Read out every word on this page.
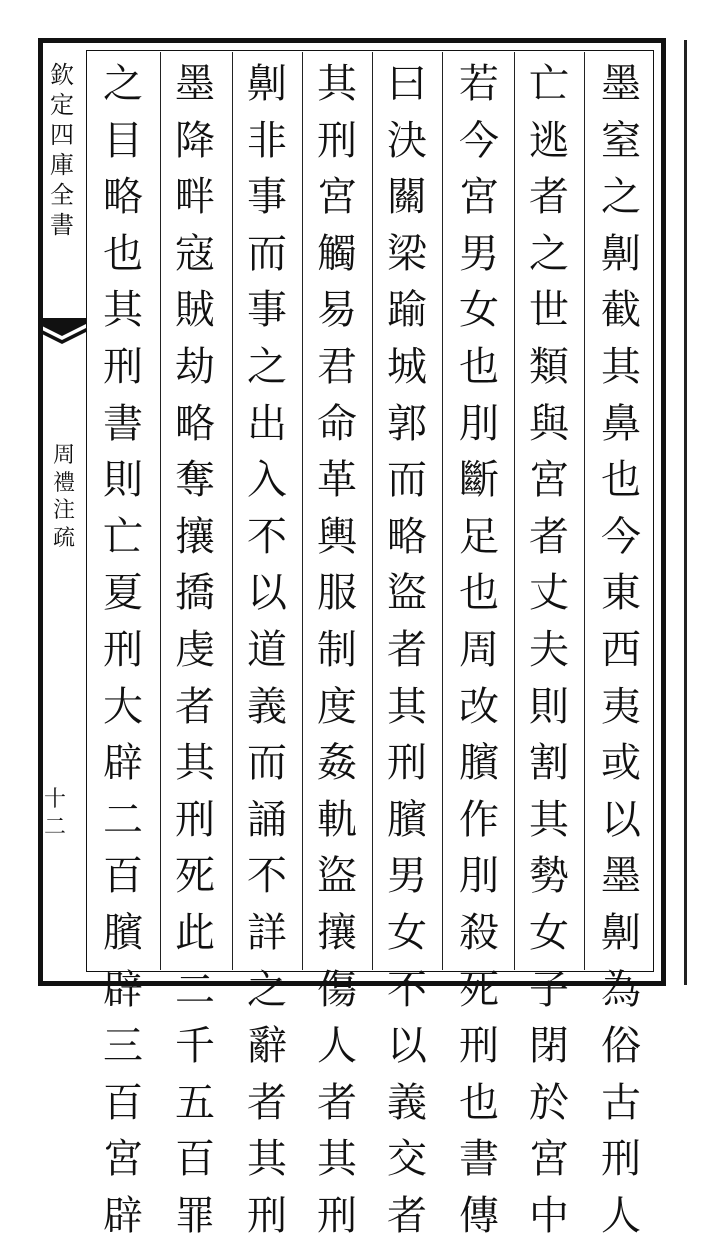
欽
定
四
庫
全
書
周
禮
注
疏
十二
墨
窒
之
劓
截
其
鼻
也
今
東
西
夷
或
以
墨
劓
為
俗
古
刑
人
亡
逃
者
之
世
類
與
宮
者
丈
夫
則
割
其
勢
女
子
閉
於
宮
中
若
今
宮
男
女
也
刖
斷
足
也
周
改
臏
作
刖
殺
死
刑
也
書
傳
曰
決
關
梁
踰
城
郭
而
略
盜
者
其
刑
臏
男
女
不
以
義
交
者
其
刑
宮
觸
易
君
命
革
輿
服
制
度
姦
軌
盜
攘
傷
人
者
其
刑
劓
非
事
而
事
之
出
入
不
以
道
義
而
誦
不
詳
之
辭
者
其
刑
墨
降
畔
寇
賊
劫
略
奪
攘
撟
虔
者
其
刑
死
此
二
千
五
百
罪
之
目
略
也
其
刑
書
則
亡
夏
刑
大
辟
二
百
臏
辟
三
百
宮
辟
